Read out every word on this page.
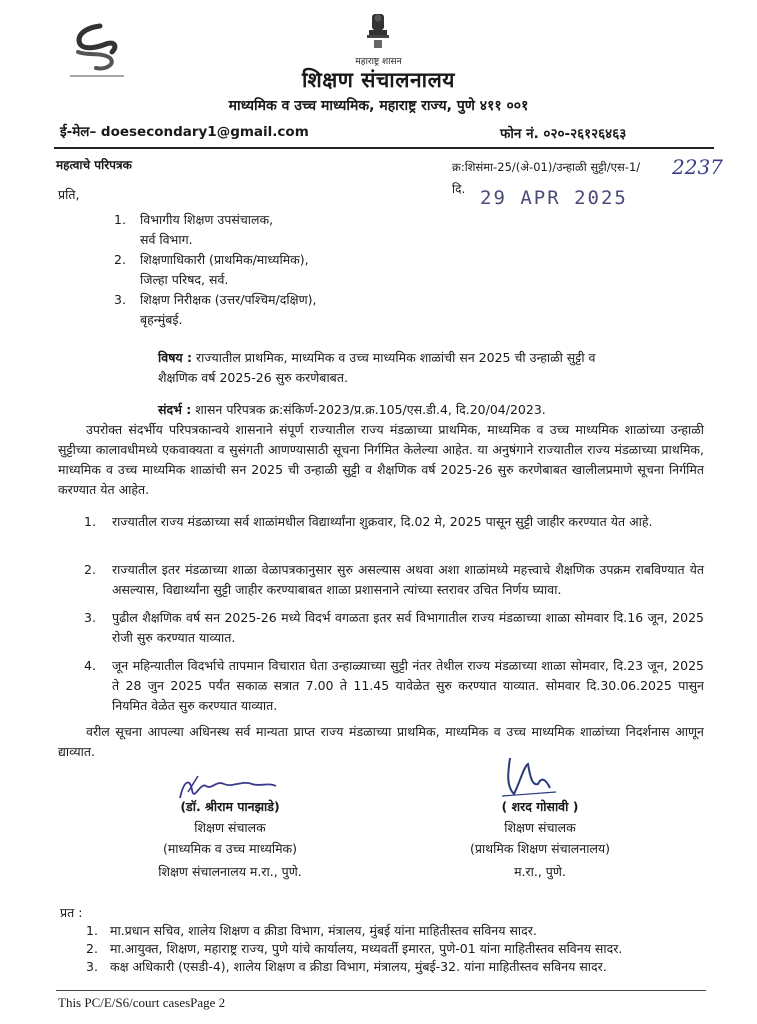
महाराष्ट्र शासन
शिक्षण संचालनालय
माध्यमिक व उच्च माध्यमिक, महाराष्ट्र राज्य, पुणे ४११ ००१
ई-मेल– doesecondary1@gmail.com	फोन नं. ०२०-२६१२६४६३
महत्वाचे परिपत्रक	क्र:शिसंमा-25/(अे-01)/उन्हाळी सुट्टी/एस-1/ 2237
दि. 29 APR 2025
प्रति,
1. विभागीय शिक्षण उपसंचालक,
सर्व विभाग.
2. शिक्षणाधिकारी (प्राथमिक/माध्यमिक),
जिल्हा परिषद, सर्व.
3. शिक्षण निरीक्षक (उत्तर/पश्चिम/दक्षिण),
बृहन्मुंबई.
विषय : राज्यातील प्राथमिक, माध्यमिक व उच्च माध्यमिक शाळांची सन 2025 ची उन्हाळी सुट्टी व शैक्षणिक वर्ष 2025-26 सुरु करणेबाबत.
संदर्भ : शासन परिपत्रक क्र:संकिर्ण-2023/प्र.क्र.105/एस.डी.4, दि.20/04/2023.
उपरोक्त संदर्भीय परिपत्रकान्वये शासनाने संपूर्ण राज्यातील राज्य मंडळाच्या प्राथमिक, माध्यमिक व उच्च माध्यमिक शाळांच्या उन्हाळी सुट्टीच्या कालावधीमध्ये एकवाक्यता व सुसंगती आणण्यासाठी सूचना निर्गमित केलेल्या आहेत. या अनुषंगाने राज्यातील राज्य मंडळाच्या प्राथमिक, माध्यमिक व उच्च माध्यमिक शाळांची सन 2025 ची उन्हाळी सुट्टी व शैक्षणिक वर्ष 2025-26 सुरु करणेबाबत खालीलप्रमाणे सूचना निर्गमित करण्यात येत आहेत.
1. राज्यातील राज्य मंडळाच्या सर्व शाळांमधील विद्यार्थ्यांना शुक्रवार, दि.02 मे, 2025 पासून सुट्टी जाहीर करण्यात येत आहे.
2. राज्यातील इतर मंडळाच्या शाळा वेळापत्रकानुसार सुरु असल्यास अथवा अशा शाळांमध्ये महत्त्वाचे शैक्षणिक उपक्रम राबविण्यात येत असल्यास, विद्यार्थ्यांना सुट्टी जाहीर करण्याबाबत शाळा प्रशासनाने त्यांच्या स्तरावर उचित निर्णय घ्यावा.
3. पुढील शैक्षणिक वर्ष सन 2025-26 मध्ये विदर्भ वगळता इतर सर्व विभागातील राज्य मंडळाच्या शाळा सोमवार दि.16 जून, 2025 रोजी सुरु करण्यात याव्यात.
4. जून महिन्यातील विदर्भाचे तापमान विचारात घेता उन्हाळ्याच्या सुट्टी नंतर तेथील राज्य मंडळाच्या शाळा सोमवार, दि.23 जून, 2025 ते 28 जुन 2025 पर्यंत सकाळ सत्रात 7.00 ते 11.45 यावेळेत सुरु करण्यात याव्यात. सोमवार दि.30.06.2025 पासुन नियमित वेळेत सुरु करण्यात याव्यात.
वरील सूचना आपल्या अधिनस्थ सर्व मान्यता प्राप्त राज्य मंडळाच्या प्राथमिक, माध्यमिक व उच्च माध्यमिक शाळांच्या निदर्शनास आणून द्याव्यात.
(डॉ. श्रीराम पानझाडे)
शिक्षण संचालक
(माध्यमिक व उच्च माध्यमिक)
शिक्षण संचालनालय म.रा., पुणे.
( शरद गोसावी )
शिक्षण संचालक
(प्राथमिक शिक्षण संचालनालय)
म.रा., पुणे.
प्रत :
1. मा.प्रधान सचिव, शालेय शिक्षण व क्रीडा विभाग, मंत्रालय, मुंबई यांना माहितीस्तव सविनय सादर.
2. मा.आयुक्त, शिक्षण, महाराष्ट्र राज्य, पुणे यांचे कार्यालय, मध्यवर्ती इमारत, पुणे-01 यांना माहितीस्तव सविनय सादर.
3. कक्ष अधिकारी (एसडी-4), शालेय शिक्षण व क्रीडा विभाग, मंत्रालय, मुंबई-32. यांना माहितीस्तव सविनय सादर.
This PC/E/S6/court casesPage 2
